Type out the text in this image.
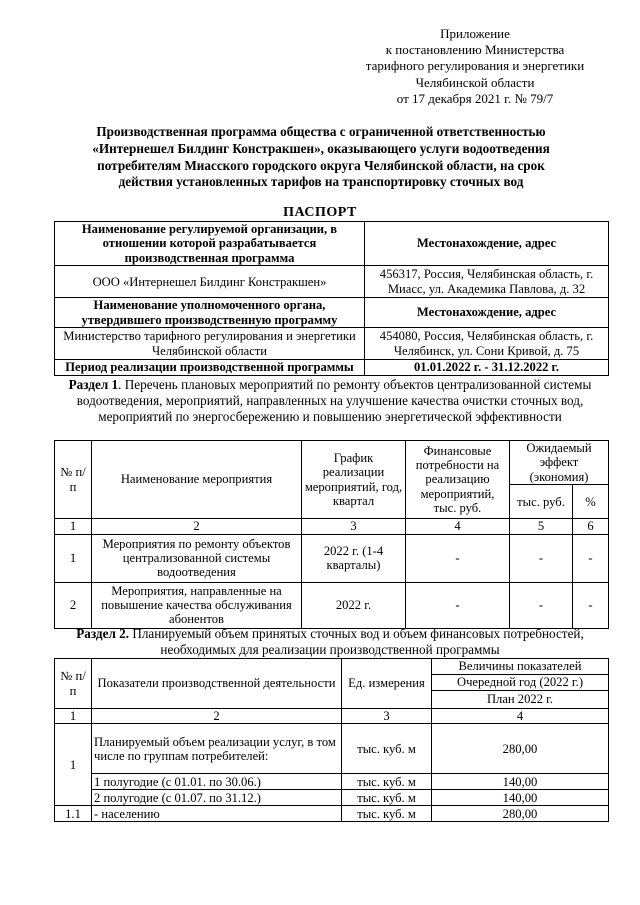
Приложение
к постановлению Министерства
тарифного регулирования и энергетики
Челябинской области
от 17 декабря 2021 г. № 79/7
Производственная программа общества с ограниченной ответственностью «Интернешел Билдинг Констракшен», оказывающего услуги водоотведения потребителям Миасского городского округа Челябинской области, на срок действия установленных тарифов на транспортировку сточных вод
ПАСПОРТ
Наименование регулируемой организации, в отношении которой разрабатывается производственная программа	Местонахождение, адрес
ООО «Интернешел Билдинг Констракшен»	456317, Россия, Челябинская область, г. Миасс, ул. Академика Павлова, д. 32
Наименование уполномоченного органа, утвердившего производственную программу	Местонахождение, адрес
Министерство тарифного регулирования и энергетики Челябинской области	454080, Россия, Челябинская область, г. Челябинск, ул. Сони Кривой, д. 75
Период реализации производственной программы	01.01.2022 г. - 31.12.2022 г.
Раздел 1. Перечень плановых мероприятий по ремонту объектов централизованной системы водоотведения, мероприятий, направленных на улучшение качества очистки сточных вод, мероприятий по энергосбережению и повышению энергетической эффективности
№ п/п	Наименование мероприятия	График реализации мероприятий, год, квартал	Финансовые потребности на реализацию мероприятий, тыс. руб.	Ожидаемый эффект (экономия)	
				тыс. руб.	%
1	2	3	4	5	6
1	Мероприятия по ремонту объектов централизованной системы водоотведения	2022 г. (1-4 кварталы)	-	-	-
2	Мероприятия, направленные на повышение качества обслуживания абонентов	2022 г.	-	-	-
Раздел 2. Планируемый объем принятых сточных вод и объем финансовых потребностей, необходимых для реализации производственной программы
№ п/п	Показатели производственной деятельности	Ед. измерения	Величины показателей
			Очередной год (2022 г.)
			План 2022 г.
1	2	3	4
1	Планируемый объем реализации услуг, в том числе по группам потребителей:	тыс. куб. м	280,00
	1 полугодие (с 01.01. по 30.06.)	тыс. куб. м	140,00
	2 полугодие (с 01.07. по 31.12.)	тыс. куб. м	140,00
1.1	- населению	тыс. куб. м	280,00
